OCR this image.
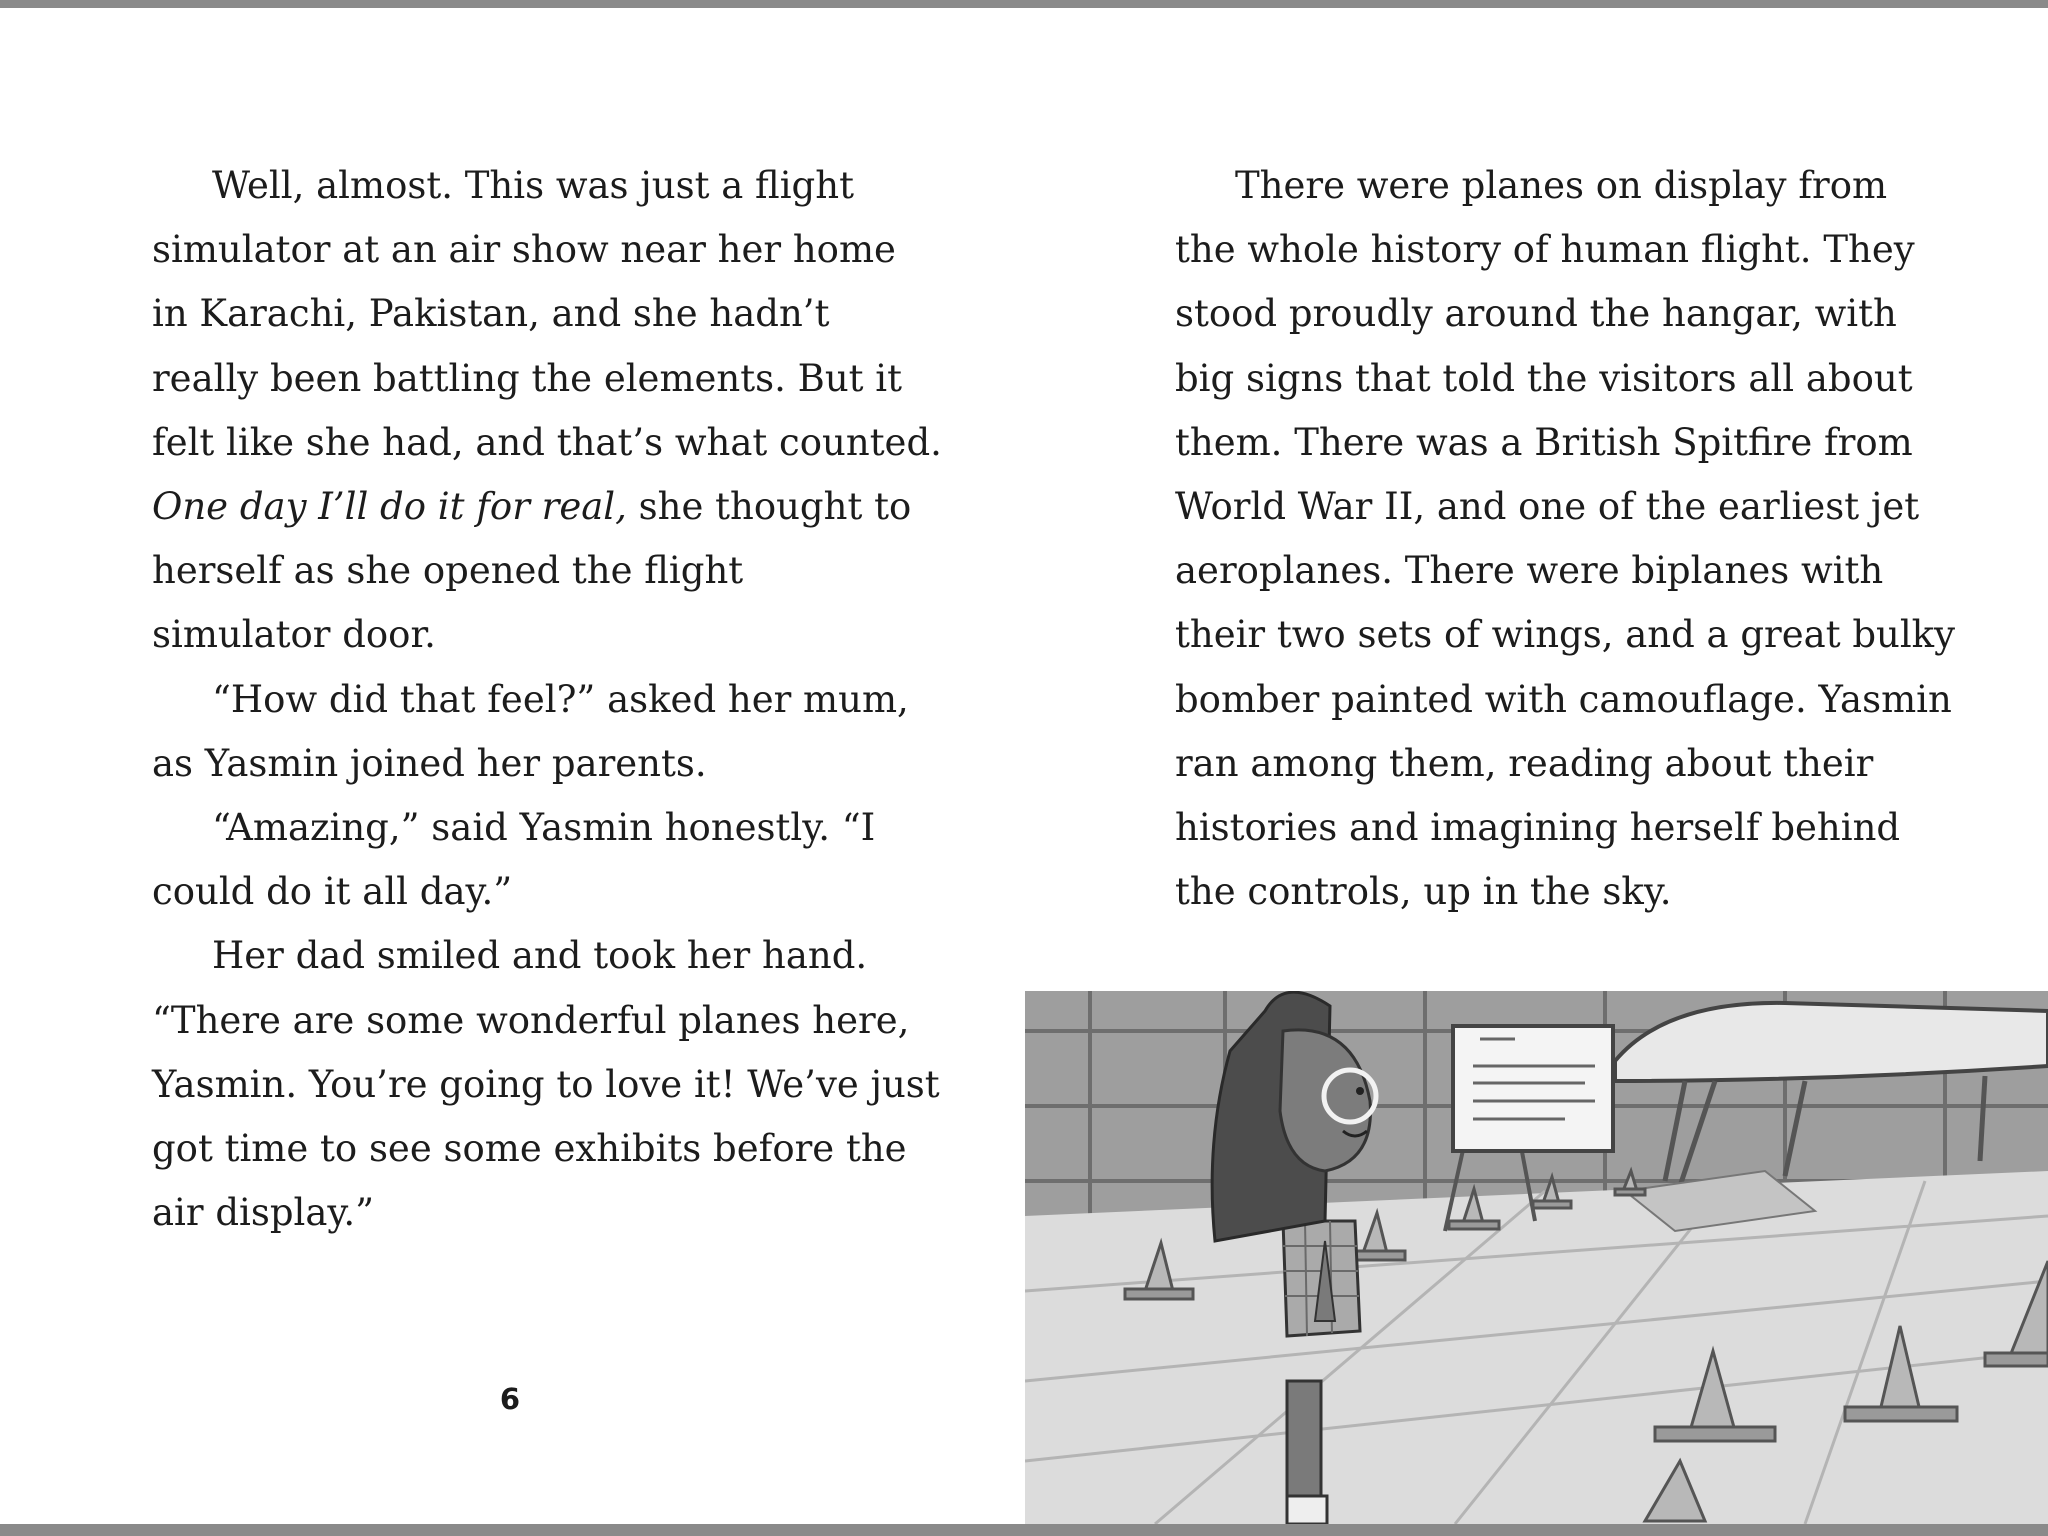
Well, almost. This was just a flight

simulator at an air show near her home

in Karachi, Pakistan, and she hadn’t

really been battling the elements. But it

felt like she had, and that’s what counted.

One day I’ll do it for real, she thought to

herself as she opened the flight

simulator door.

“How did that feel?” asked her mum,

as Yasmin joined her parents.

“Amazing,” said Yasmin honestly. “I

could do it all day.”

Her dad smiled and took her hand.

“There are some wonderful planes here,

Yasmin. You’re going to love it! We’ve just

got time to see some exhibits before the

air display.”

6

There were planes on display from

the whole history of human flight. They

stood proudly around the hangar, with

big signs that told the visitors all about

them. There was a British Spitfire from

World War II, and one of the earliest jet

aeroplanes. There were biplanes with

their two sets of wings, and a great bulky

bomber painted with camouflage. Yasmin

ran among them, reading about their

histories and imagining herself behind

the controls, up in the sky.
